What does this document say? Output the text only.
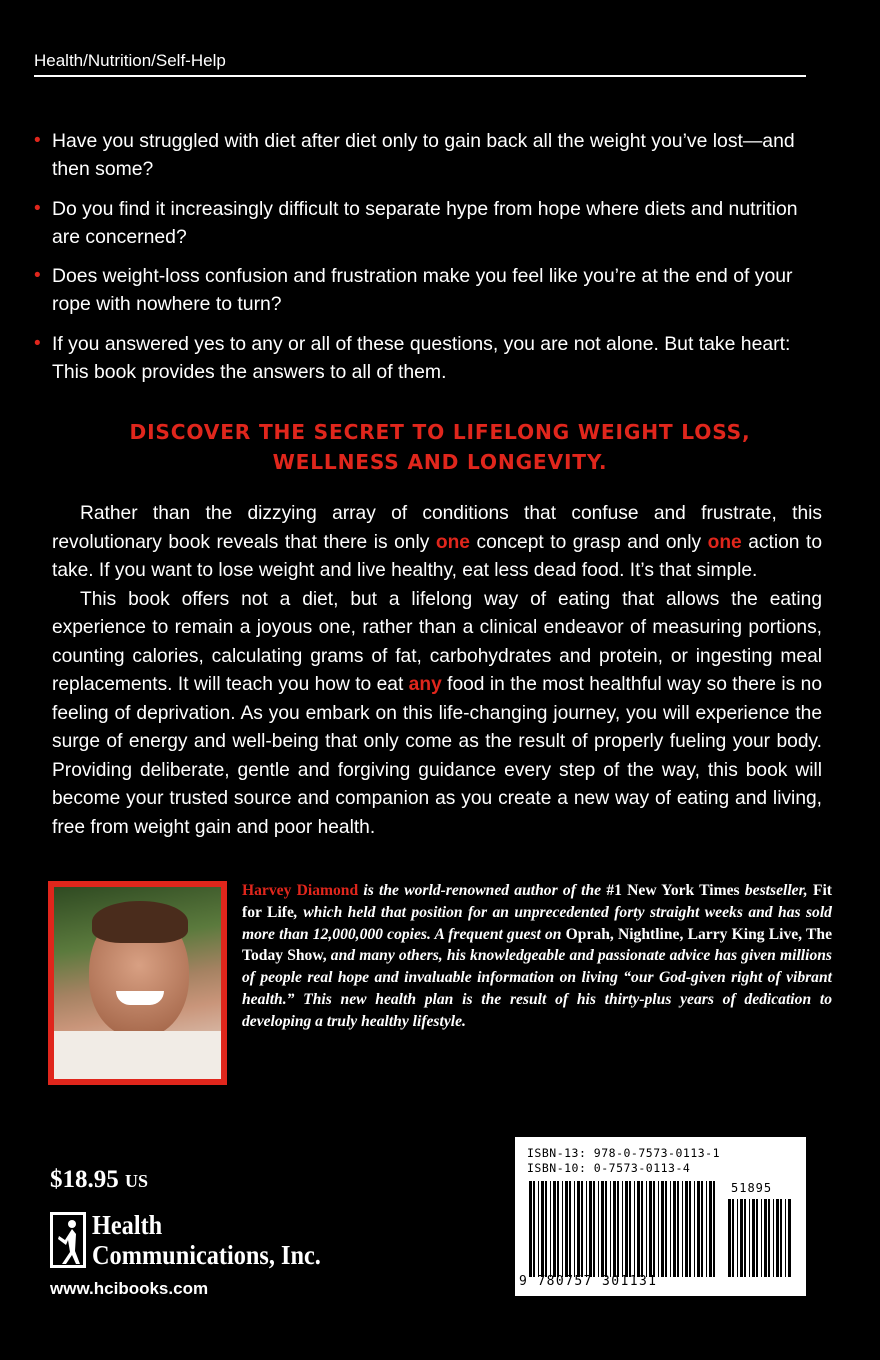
Health/Nutrition/Self-Help
• Have you struggled with diet after diet only to gain back all the weight you’ve lost—and then some?
• Do you find it increasingly difficult to separate hype from hope where diets and nutrition are concerned?
• Does weight-loss confusion and frustration make you feel like you’re at the end of your rope with nowhere to turn?
• If you answered yes to any or all of these questions, you are not alone. But take heart: This book provides the answers to all of them.
DISCOVER THE SECRET TO LIFELONG WEIGHT LOSS,
WELLNESS AND LONGEVITY.

Rather than the dizzying array of conditions that confuse and frustrate, this revolutionary book reveals that there is only one concept to grasp and only one action to take. If you want to lose weight and live healthy, eat less dead food. It’s that simple.

This book offers not a diet, but a lifelong way of eating that allows the eating experience to remain a joyous one, rather than a clinical endeavor of measuring portions, counting calories, calculating grams of fat, carbohydrates and protein, or ingesting meal replacements. It will teach you how to eat any food in the most healthful way so there is no feeling of deprivation. As you embark on this life-changing journey, you will experience the surge of energy and well-being that only come as the result of properly fueling your body. Providing deliberate, gentle and forgiving guidance every step of the way, this book will become your trusted source and companion as you create a new way of eating and living, free from weight gain and poor health.

Harvey Diamond is the world-renowned author of the #1 New York Times bestseller, Fit for Life, which held that position for an unprecedented forty straight weeks and has sold more than 12,000,000 copies. A frequent guest on Oprah, Nightline, Larry King Live, The Today Show, and many others, his knowledgeable and passionate advice has given millions of people real hope and invaluable information on living “our God-given right of vibrant health.” This new health plan is the result of his thirty-plus years of dedication to developing a truly healthy lifestyle.
$18.95 US
Health
Communications, Inc.
www.hcibooks.com
ISBN-13: 978-0-7573-0113-1
ISBN-10: 0-7573-0113-4
51895
9 780757 301131
